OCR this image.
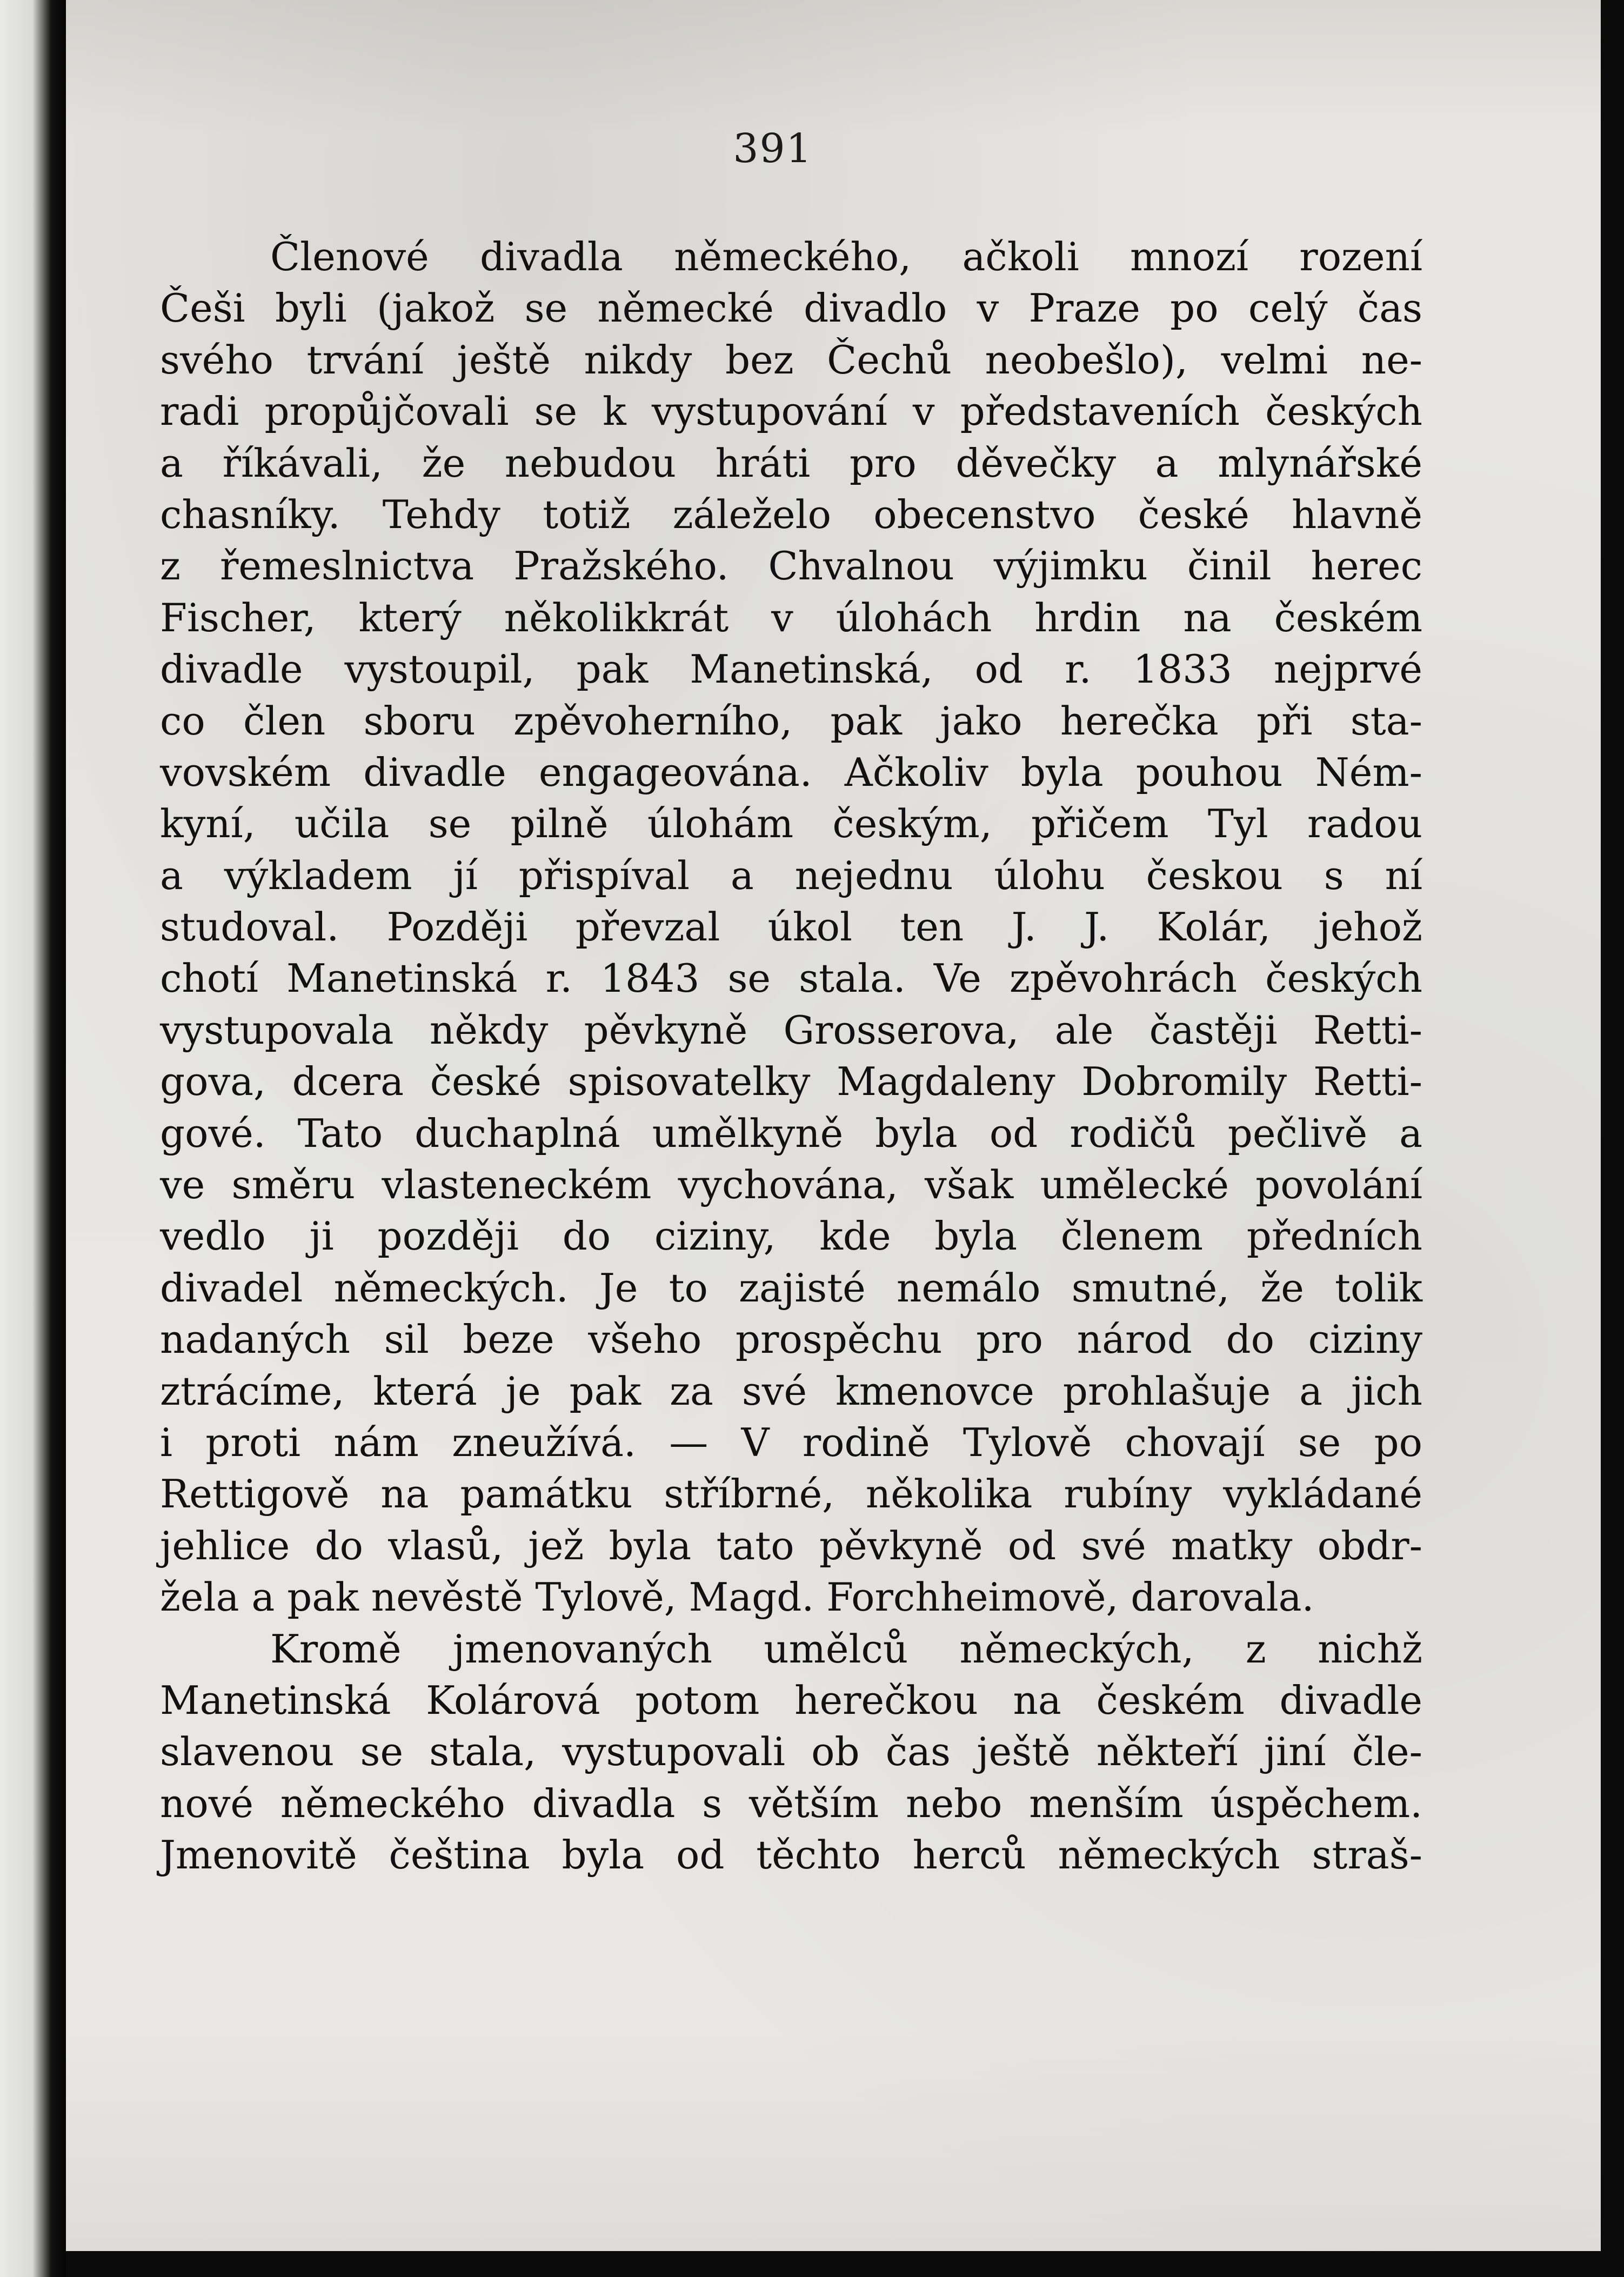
391
Členové divadla německého, ačkoli mnozí rození
Češi byli (jakož se německé divadlo v Praze po celý čas
svého trvání ještě nikdy bez Čechů neobešlo), velmi ne-
radi propůjčovali se k vystupování v představeních českých
a říkávali, že nebudou hráti pro děvečky a mlynářské
chasníky. Tehdy totiž záleželo obecenstvo české hlavně
z řemeslnictva Pražského. Chvalnou výjimku činil herec
Fischer, který několikkrát v úlohách hrdin na českém
divadle vystoupil, pak Manetinská, od r. 1833 nejprvé
co člen sboru zpěvoherního, pak jako herečka při sta-
vovském divadle engageována. Ačkoliv byla pouhou Ném-
kyní, učila se pilně úlohám českým, přičem Tyl radou
a výkladem jí přispíval a nejednu úlohu českou s ní
studoval. Později převzal úkol ten J. J. Kolár, jehož
chotí Manetinská r. 1843 se stala. Ve zpěvohrách českých
vystupovala někdy pěvkyně Grosserova, ale častěji Retti-
gova, dcera české spisovatelky Magdaleny Dobromily Retti-
gové. Tato duchaplná umělkyně byla od rodičů pečlivě a
ve směru vlasteneckém vychována, však umělecké povolání
vedlo ji později do ciziny, kde byla členem předních
divadel německých. Je to zajisté nemálo smutné, že tolik
nadaných sil beze všeho prospěchu pro národ do ciziny
ztrácíme, která je pak za své kmenovce prohlašuje a jich
i proti nám zneužívá. — V rodině Tylově chovají se po
Rettigově na památku stříbrné, několika rubíny vykládané
jehlice do vlasů, jež byla tato pěvkyně od své matky obdr-
žela a pak nevěstě Tylově, Magd. Forchheimově, darovala.
Kromě jmenovaných umělců německých, z nichž
Manetinská Kolárová potom herečkou na českém divadle
slavenou se stala, vystupovali ob čas ještě někteří jiní čle-
nové německého divadla s větším nebo menším úspěchem.
Jmenovitě čeština byla od těchto herců německých straš-
